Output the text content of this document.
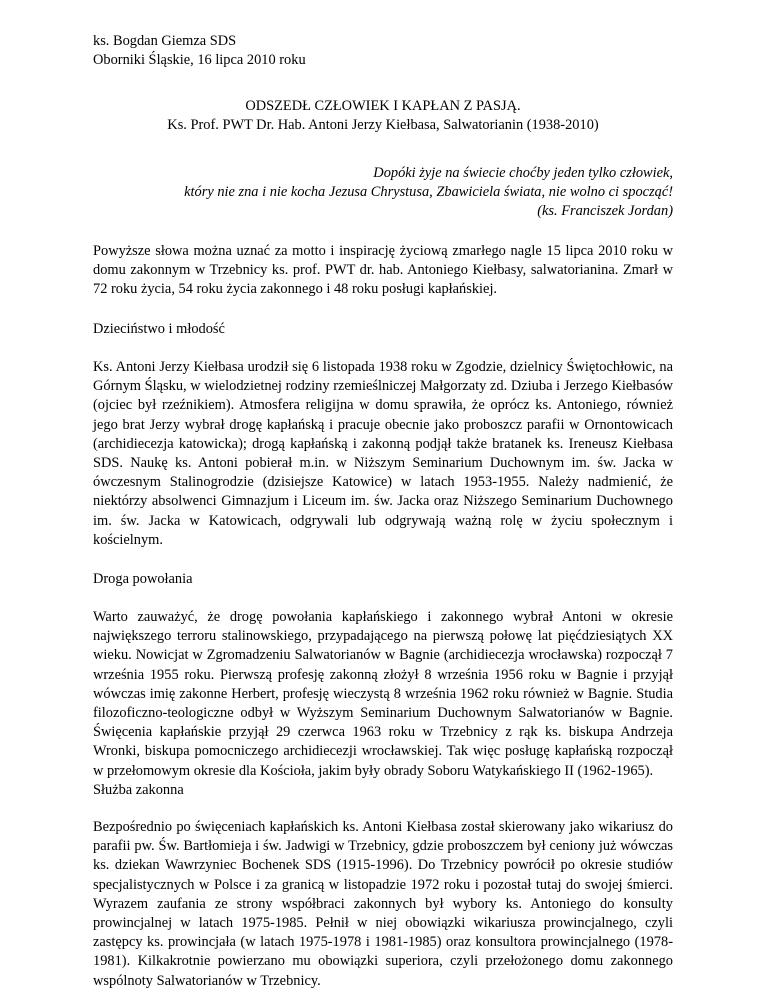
ks. Bogdan Giemza SDS
Oborniki Śląskie, 16 lipca 2010 roku
ODSZEDŁ CZŁOWIEK I KAPŁAN Z PASJĄ.
Ks. Prof. PWT Dr. Hab. Antoni Jerzy Kiełbasa, Salwatorianin (1938-2010)
Dopóki żyje na świecie choćby jeden tylko człowiek,
który nie zna i nie kocha Jezusa Chrystusa, Zbawiciela świata, nie wolno ci spocząć!
(ks. Franciszek Jordan)
Powyższe słowa można uznać za motto i inspirację życiową zmarłego nagle 15 lipca 2010 roku w domu zakonnym w Trzebnicy ks. prof. PWT dr. hab. Antoniego Kiełbasy, salwatorianina. Zmarł w 72 roku życia, 54 roku życia zakonnego i 48 roku posługi kapłańskiej.
Dzieciństwo i młodość
Ks. Antoni Jerzy Kiełbasa urodził się 6 listopada 1938 roku w Zgodzie, dzielnicy Świętochłowic, na Górnym Śląsku, w wielodzietnej rodziny rzemieślniczej Małgorzaty zd. Dziuba i Jerzego Kiełbasów (ojciec był rzeźnikiem). Atmosfera religijna w domu sprawiła, że oprócz ks. Antoniego, również jego brat Jerzy wybrał drogę kapłańską i pracuje obecnie jako proboszcz parafii w Ornontowicach (archidiecezja katowicka); drogą kapłańską i zakonną podjął także bratanek ks. Ireneusz Kiełbasa SDS. Naukę ks. Antoni pobierał m.in. w Niższym Seminarium Duchownym im. św. Jacka w ówczesnym Stalinogrodzie (dzisiejsze Katowice) w latach 1953-1955. Należy nadmienić, że niektórzy absolwenci Gimnazjum i Liceum im. św. Jacka oraz Niższego Seminarium Duchownego im. św. Jacka w Katowicach, odgrywali lub odgrywają ważną rolę w życiu społecznym i kościelnym.
Droga powołania
Warto zauważyć, że drogę powołania kapłańskiego i zakonnego wybrał Antoni w okresie największego terroru stalinowskiego, przypadającego na pierwszą połowę lat pięćdziesiątych XX wieku. Nowicjat w Zgromadzeniu Salwatorianów w Bagnie (archidiecezja wrocławska) rozpoczął 7 września 1955 roku. Pierwszą profesję zakonną złożył 8 września 1956 roku w Bagnie i przyjął wówczas imię zakonne Herbert, profesję wieczystą 8 września 1962 roku również w Bagnie. Studia filozoficzno-teologiczne odbył w Wyższym Seminarium Duchownym Salwatorianów w Bagnie. Święcenia kapłańskie przyjął 29 czerwca 1963 roku w Trzebnicy z rąk ks. biskupa Andrzeja Wronki, biskupa pomocniczego archidiecezji wrocławskiej. Tak więc posługę kapłańską rozpoczął w przełomowym okresie dla Kościoła, jakim były obrady Soboru Watykańskiego II (1962-1965).
Służba zakonna
Bezpośrednio po święceniach kapłańskich ks. Antoni Kiełbasa został skierowany jako wikariusz do parafii pw. Św. Bartłomieja i św. Jadwigi w Trzebnicy, gdzie proboszczem był ceniony już wówczas ks. dziekan Wawrzyniec Bochenek SDS (1915-1996). Do Trzebnicy powrócił po okresie studiów specjalistycznych w Polsce i za granicą w listopadzie 1972 roku i pozostał tutaj do swojej śmierci. Wyrazem zaufania ze strony współbraci zakonnych był wybory ks. Antoniego do konsulty prowincjalnej w latach 1975-1985. Pełnił w niej obowiązki wikariusza prowincjalnego, czyli zastępcy ks. prowincjała (w latach 1975-1978 i 1981-1985) oraz konsultora prowincjalnego (1978-1981). Kilkakrotnie powierzano mu obowiązki superiora, czyli przełożonego domu zakonnego wspólnoty Salwatorianów w Trzebnicy.
